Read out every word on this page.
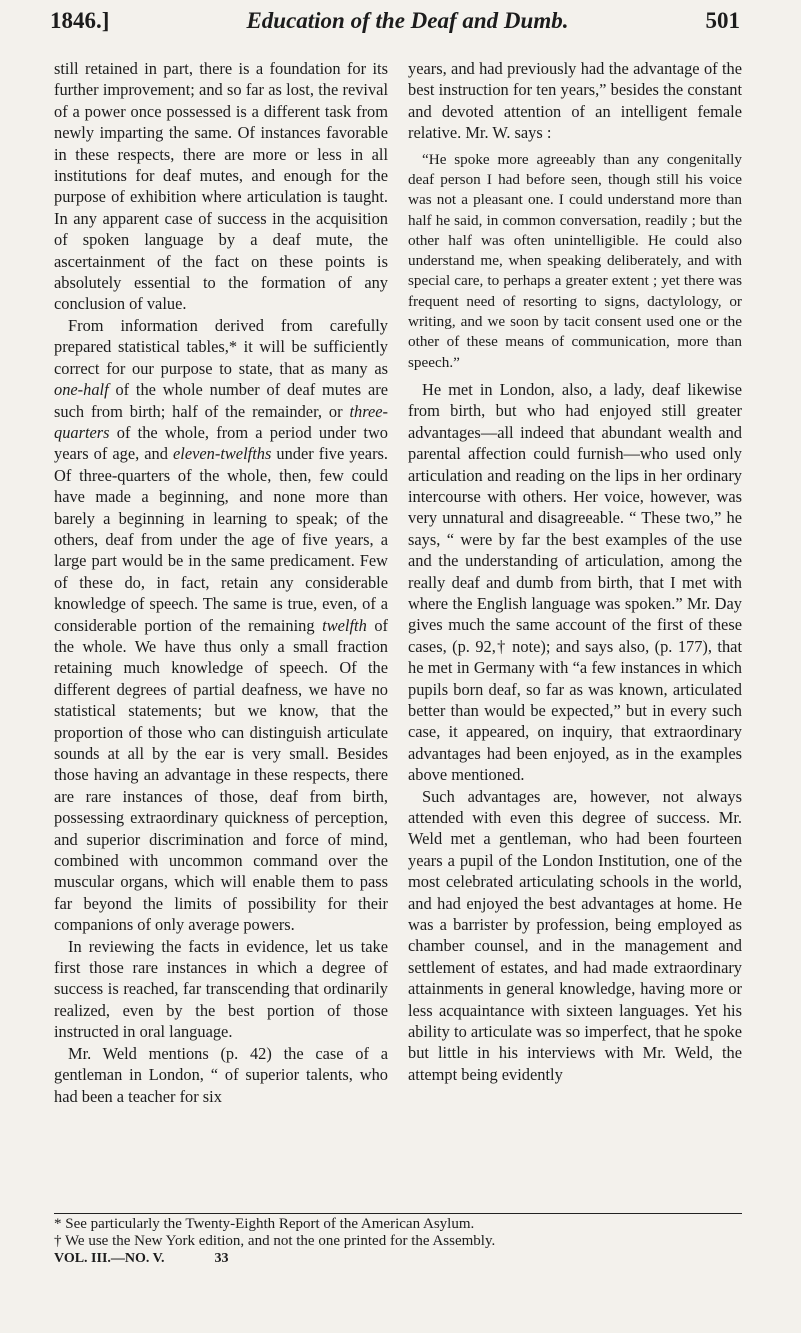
1846.]	Education of the Deaf and Dumb.	501

still retained in part, there is a foundation for its further improvement; and so far as lost, the revival of a power once possessed is a different task from newly imparting the same. Of instances favorable in these respects, there are more or less in all institutions for deaf mutes, and enough for the purpose of exhibition where articulation is taught. In any apparent case of success in the acquisition of spoken language by a deaf mute, the ascertainment of the fact on these points is absolutely essential to the formation of any conclusion of value.

From information derived from carefully prepared statistical tables,* it will be sufficiently correct for our purpose to state, that as many as one-half of the whole number of deaf mutes are such from birth; half of the remainder, or three-quarters of the whole, from a period under two years of age, and eleven-twelfths under five years. Of three-quarters of the whole, then, few could have made a beginning, and none more than barely a beginning in learning to speak; of the others, deaf from under the age of five years, a large part would be in the same predicament. Few of these do, in fact, retain any considerable knowledge of speech. The same is true, even, of a considerable portion of the remaining twelfth of the whole. We have thus only a small fraction retaining much knowledge of speech. Of the different degrees of partial deafness, we have no statistical statements; but we know, that the proportion of those who can distinguish articulate sounds at all by the ear is very small. Besides those having an advantage in these respects, there are rare instances of those, deaf from birth, possessing extraordinary quickness of perception, and superior discrimination and force of mind, combined with uncommon command over the muscular organs, which will enable them to pass far beyond the limits of possibility for their companions of only average powers.

In reviewing the facts in evidence, let us take first those rare instances in which a degree of success is reached, far transcending that ordinarily realized, even by the best portion of those instructed in oral language.

Mr. Weld mentions (p. 42) the case of a gentleman in London, “ of superior talents, who had been a teacher for six

years, and had previously had the advantage of the best instruction for ten years,” besides the constant and devoted attention of an intelligent female relative. Mr. W. says :

“He spoke more agreeably than any congenitally deaf person I had before seen, though still his voice was not a pleasant one. I could understand more than half he said, in common conversation, readily ; but the other half was often unintelligible. He could also understand me, when speaking deliberately, and with special care, to perhaps a greater extent ; yet there was frequent need of resorting to signs, dactylology, or writing, and we soon by tacit consent used one or the other of these means of communication, more than speech.”

He met in London, also, a lady, deaf likewise from birth, but who had enjoyed still greater advantages—all indeed that abundant wealth and parental affection could furnish—who used only articulation and reading on the lips in her ordinary intercourse with others. Her voice, however, was very unnatural and disagreeable. “ These two,” he says, “ were by far the best examples of the use and the understanding of articulation, among the really deaf and dumb from birth, that I met with where the English language was spoken.” Mr. Day gives much the same account of the first of these cases, (p. 92,† note); and says also, (p. 177), that he met in Germany with “a few instances in which pupils born deaf, so far as was known, articulated better than would be expected,” but in every such case, it appeared, on inquiry, that extraordinary advantages had been enjoyed, as in the examples above mentioned.

Such advantages are, however, not always attended with even this degree of success. Mr. Weld met a gentleman, who had been fourteen years a pupil of the London Institution, one of the most celebrated articulating schools in the world, and had enjoyed the best advantages at home. He was a barrister by profession, being employed as chamber counsel, and in the management and settlement of estates, and had made extraordinary attainments in general knowledge, having more or less acquaintance with sixteen languages. Yet his ability to articulate was so imperfect, that he spoke but little in his interviews with Mr. Weld, the attempt being evidently

* See particularly the Twenty-Eighth Report of the American Asylum.
† We use the New York edition, and not the one printed for the Assembly.
VOL. III.—NO. V.	33
